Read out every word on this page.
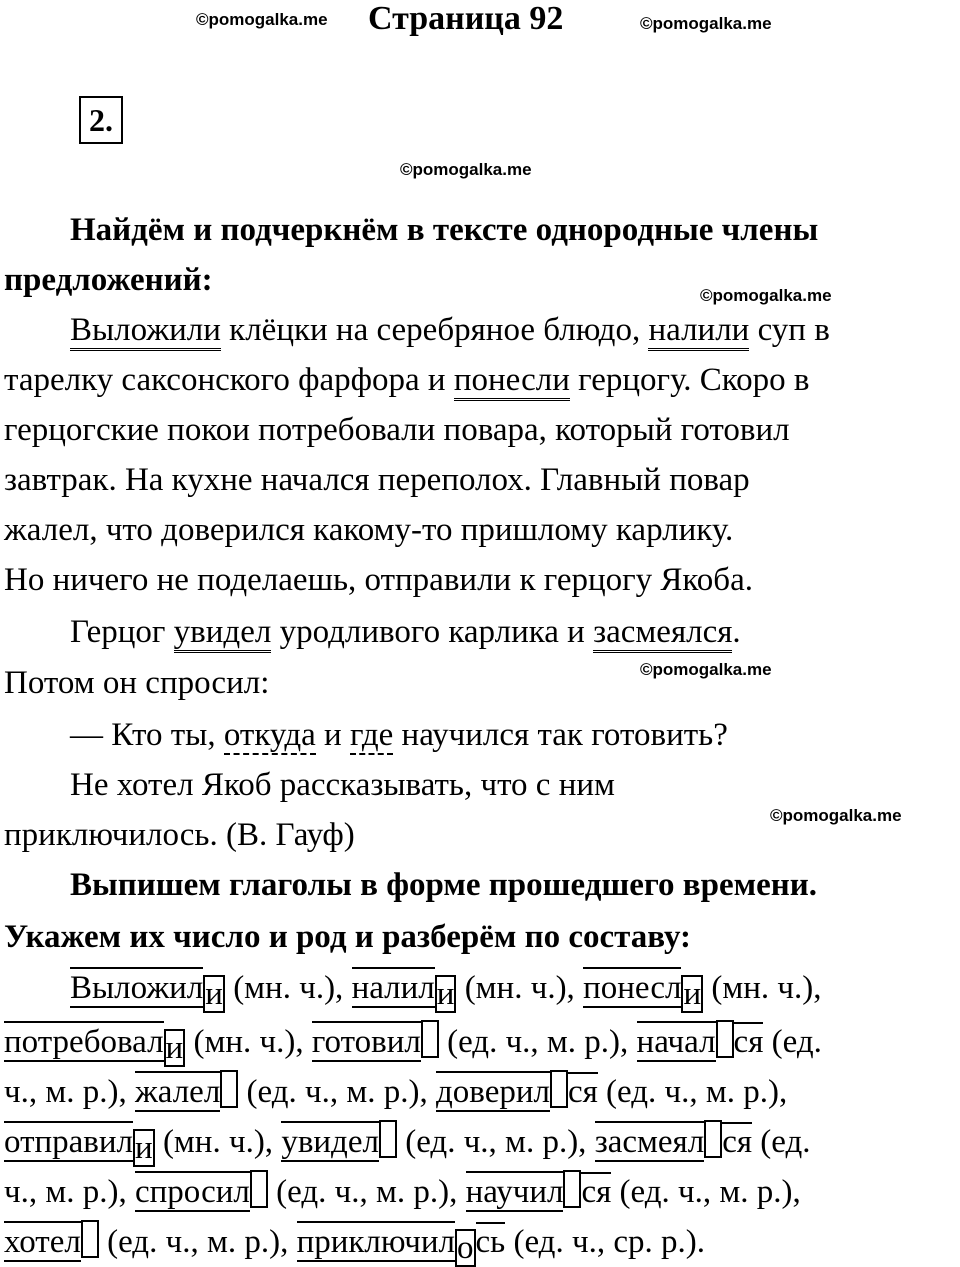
©pomogalka.me Страница 92
2.
©pomogalka.me
©pomogalka.me
©pomogalka.me
©pomogalka.me
©pomogalka.me
Найдём и подчеркнём в тексте однородные члены
предложений:
Выложили клёцки на серебряное блюдо, налили суп в
тарелку саксонского фарфора и понесли герцогу. Скоро в
герцогские покои потребовали повара, который готовил
завтрак. На кухне начался переполох. Главный повар
жалел, что доверился какому-то пришлому карлику.
Но ничего не поделаешь, отправили к герцогу Якоба.
Герцог увидел уродливого карлика и засмеялся.
Потом он спросил:
— Кто ты, откуда и где научился так готовить?
Не хотел Якоб рассказывать, что с ним
приключилось. (В. Гауф)
Выпишем глаголы в форме прошедшего времени.
Укажем их число и род и разберём по составу:
Выложили (мн. ч.), налили (мн. ч.), понесли (мн. ч.),
потребовали (мн. ч.), готовил (ед. ч., м. р.), начал ся (ед.
ч., м. р.), жалел (ед. ч., м. р.), доверил ся (ед. ч., м. р.),
отправили (мн. ч.), увидел (ед. ч., м. р.), засмеял ся (ед.
ч., м. р.), спросил (ед. ч., м. р.), научил ся (ед. ч., м. р.),
хотел (ед. ч., м. р.), приключилось (ед. ч., ср. р.).
